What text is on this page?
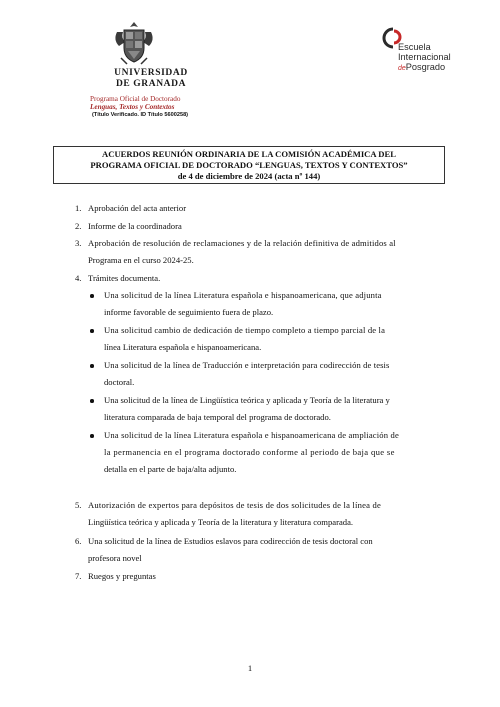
UNIVERSIDAD
DE GRANADA
Programa Oficial de Doctorado
Lenguas, Textos y Contextos
(Título Verificado. ID Título 5600258)
Escuela
Internacional
dePosgrado
ACUERDOS REUNIÓN ORDINARIA DE LA COMISIÓN ACADÉMICA DEL
PROGRAMA OFICIAL DE DOCTORADO “LENGUAS, TEXTOS Y CONTEXTOS”
de 4 de diciembre de 2024 (acta nº 144)
1. Aprobación del acta anterior
2. Informe de la coordinadora
3. Aprobación de resolución de reclamaciones y de la relación definitiva de admitidos al
Programa en el curso 2024-25.
4. Trámites documenta.
Una solicitud de la línea Literatura española e hispanoamericana, que adjunta
informe favorable de seguimiento fuera de plazo.
Una solicitud cambio de dedicación de tiempo completo a tiempo parcial de la
línea Literatura española e hispanoamericana.
Una solicitud de la línea de Traducción e interpretación para codirección de tesis
doctoral.
Una solicitud de la línea de Lingüística teórica y aplicada y Teoría de la literatura y
literatura comparada de baja temporal del programa de doctorado.
Una solicitud de la línea Literatura española e hispanoamericana de ampliación de
la permanencia en el programa doctorado conforme al periodo de baja que se
detalla en el parte de baja/alta adjunto.
5. Autorización de expertos para depósitos de tesis de dos solicitudes de la línea de
Lingüística teórica y aplicada y Teoría de la literatura y literatura comparada.
6. Una solicitud de la línea de Estudios eslavos para codirección de tesis doctoral con
profesora novel
7. Ruegos y preguntas
1
